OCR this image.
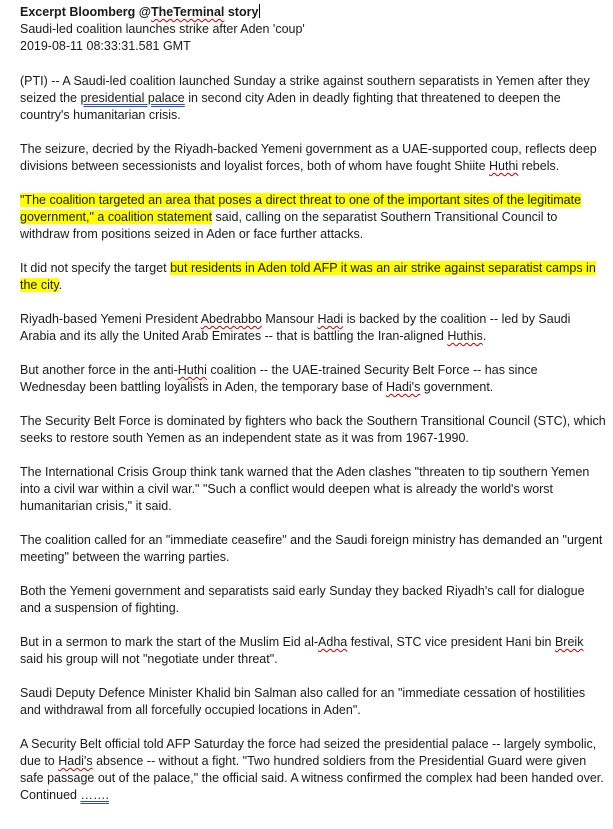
Excerpt Bloomberg @TheTerminal story
Saudi-led coalition launches strike after Aden 'coup'
2019-08-11 08:33:31.581 GMT

(PTI) -- A Saudi-led coalition launched Sunday a strike against southern separatists in Yemen after they seized the presidential palace in second city Aden in deadly fighting that threatened to deepen the country's humanitarian crisis.

The seizure, decried by the Riyadh-backed Yemeni government as a UAE-supported coup, reflects deep divisions between secessionists and loyalist forces, both of whom have fought Shiite Huthi rebels.

"The coalition targeted an area that poses a direct threat to one of the important sites of the legitimate government," a coalition statement said, calling on the separatist Southern Transitional Council to withdraw from positions seized in Aden or face further attacks.

It did not specify the target but residents in Aden told AFP it was an air strike against separatist camps in the city.

Riyadh-based Yemeni President Abedrabbo Mansour Hadi is backed by the coalition -- led by Saudi Arabia and its ally the United Arab Emirates -- that is battling the Iran-aligned Huthis.

But another force in the anti-Huthi coalition -- the UAE-trained Security Belt Force -- has since Wednesday been battling loyalists in Aden, the temporary base of Hadi's government.

The Security Belt Force is dominated by fighters who back the Southern Transitional Council (STC), which seeks to restore south Yemen as an independent state as it was from 1967-1990.

The International Crisis Group think tank warned that the Aden clashes "threaten to tip southern Yemen into a civil war within a civil war." "Such a conflict would deepen what is already the world's worst humanitarian crisis," it said.

The coalition called for an "immediate ceasefire" and the Saudi foreign ministry has demanded an "urgent meeting" between the warring parties.

Both the Yemeni government and separatists said early Sunday they backed Riyadh's call for dialogue and a suspension of fighting.

But in a sermon to mark the start of the Muslim Eid al-Adha festival, STC vice president Hani bin Breik said his group will not "negotiate under threat".

Saudi Deputy Defence Minister Khalid bin Salman also called for an "immediate cessation of hostilities and withdrawal from all forcefully occupied locations in Aden".

A Security Belt official told AFP Saturday the force had seized the presidential palace -- largely symbolic, due to Hadi's absence -- without a fight. "Two hundred soldiers from the Presidential Guard were given safe passage out of the palace," the official said. A witness confirmed the complex had been handed over.

Continued …….
